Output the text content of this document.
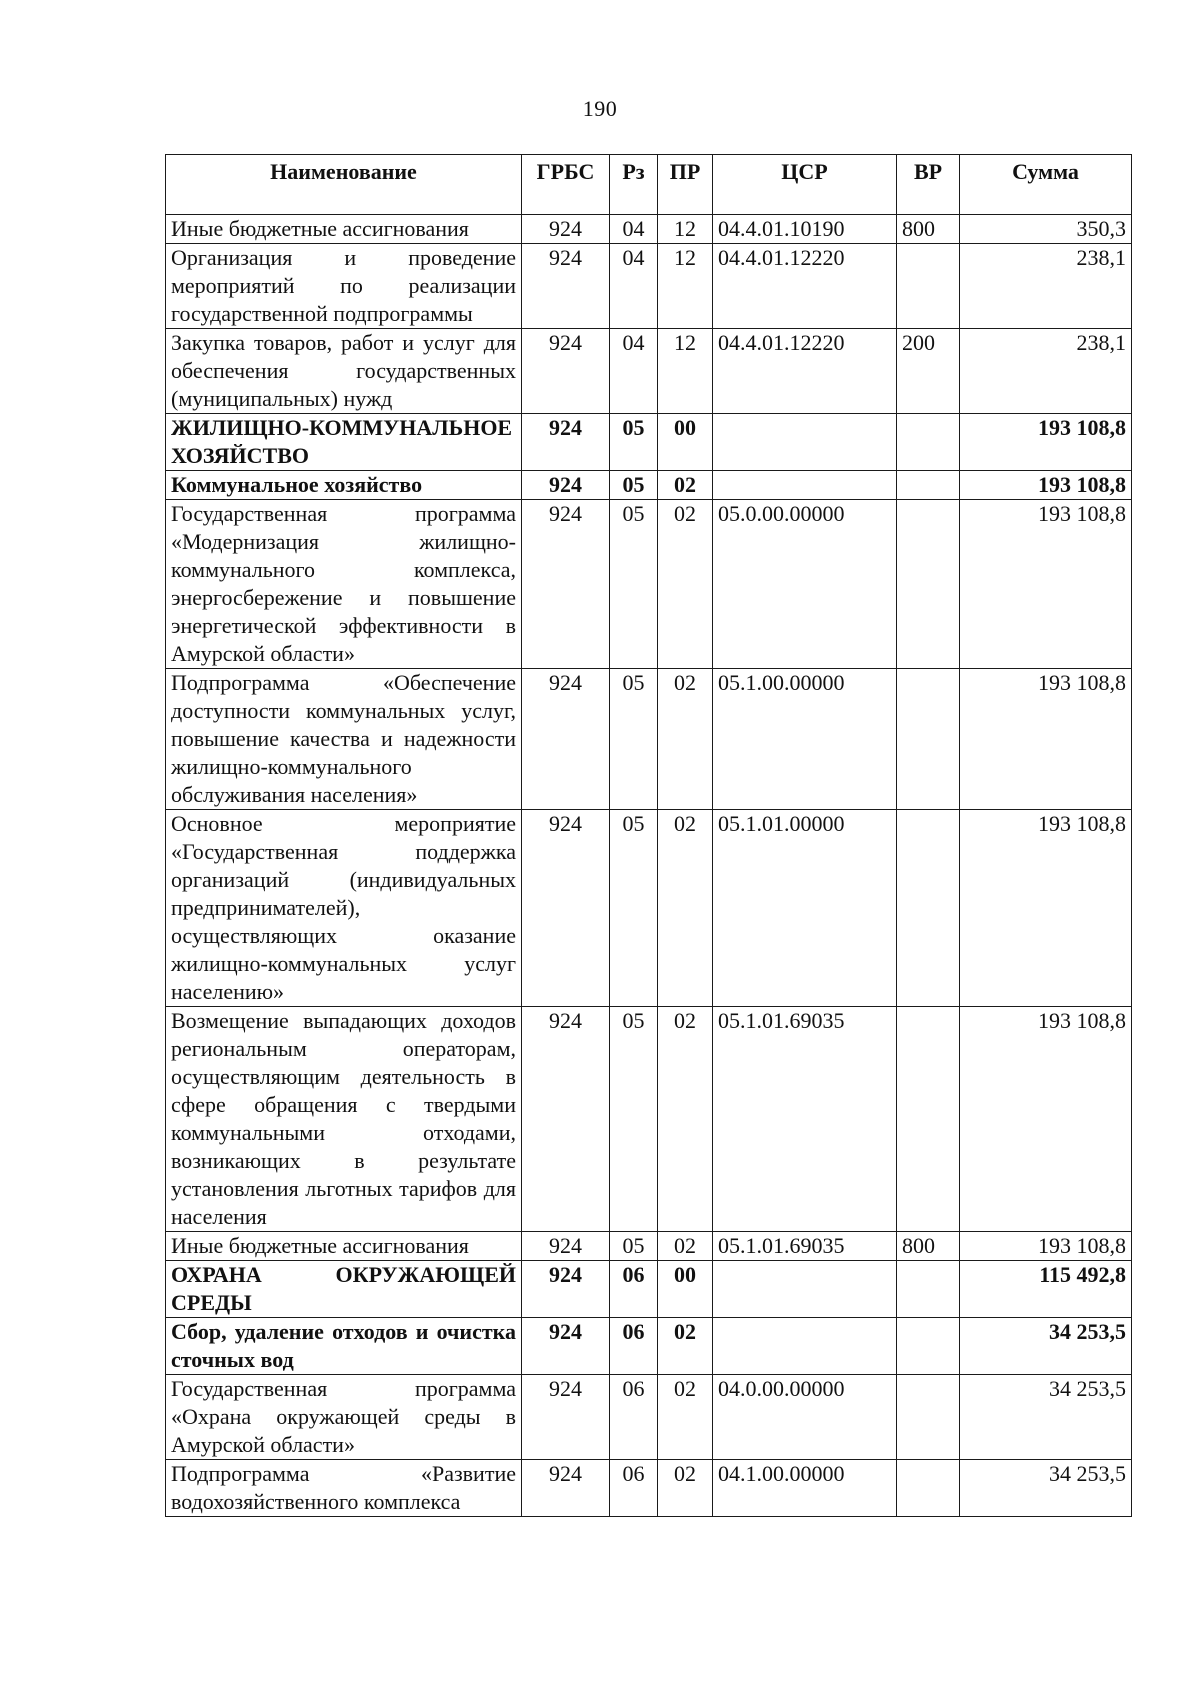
190
Наименование	ГРБС	Рз	ПР	ЦСР	ВР	Сумма
Иные бюджетные ассигнования	924	04	12	04.4.01.10190	800	350,3
Организация и проведение мероприятий по реализации государственной подпрограммы	924	04	12	04.4.01.12220		238,1
Закупка товаров, работ и услуг для обеспечения государственных (муниципальных) нужд	924	04	12	04.4.01.12220	200	238,1
ЖИЛИЩНО-КОММУНАЛЬНОЕ ХОЗЯЙСТВО	924	05	00			193 108,8
Коммунальное хозяйство	924	05	02			193 108,8
Государственная программа «Модернизация жилищно-коммунального комплекса, энергосбережение и повышение энергетической эффективности в Амурской области»	924	05	02	05.0.00.00000		193 108,8
Подпрограмма «Обеспечение доступности коммунальных услуг, повышение качества и надежности жилищно-коммунального обслуживания населения»	924	05	02	05.1.00.00000		193 108,8
Основное мероприятие «Государственная поддержка организаций (индивидуальных предпринимателей), осуществляющих оказание жилищно-коммунальных услуг населению»	924	05	02	05.1.01.00000		193 108,8
Возмещение выпадающих доходов региональным операторам, осуществляющим деятельность в сфере обращения с твердыми коммунальными отходами, возникающих в результате установления льготных тарифов для населения	924	05	02	05.1.01.69035		193 108,8
Иные бюджетные ассигнования	924	05	02	05.1.01.69035	800	193 108,8
ОХРАНА ОКРУЖАЮЩЕЙ СРЕДЫ	924	06	00			115 492,8
Сбор, удаление отходов и очистка сточных вод	924	06	02			34 253,5
Государственная программа «Охрана окружающей среды в Амурской области»	924	06	02	04.0.00.00000		34 253,5
Подпрограмма «Развитие водохозяйственного комплекса	924	06	02	04.1.00.00000		34 253,5
